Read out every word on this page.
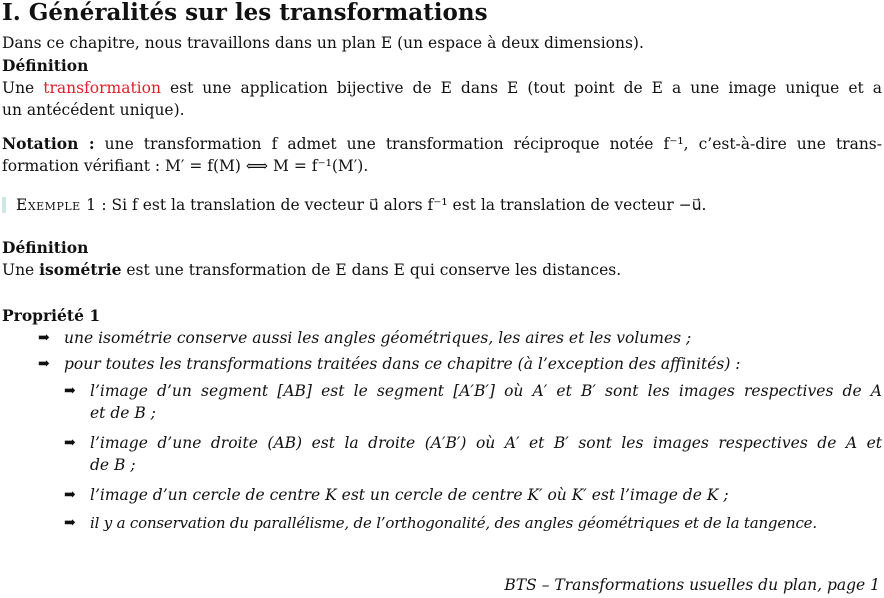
I. Généralités sur les transformations
Dans ce chapitre, nous travaillons dans un plan E (un espace à deux dimensions).
Définition
Une transformation est une application bijective de E dans E (tout point de E a une image unique et a
un antécédent unique).
Notation : une transformation f admet une transformation réciproque notée f⁻¹, c’est-à-dire une trans-
formation vérifiant : M′ = f(M) ⟺ M = f⁻¹(M′).
Exemple 1 : Si f est la translation de vecteur u⃗ alors f⁻¹ est la translation de vecteur −u⃗.
Définition
Une isométrie est une transformation de E dans E qui conserve les distances.
Propriété 1
➡ une isométrie conserve aussi les angles géométriques, les aires et les volumes ;
➡ pour toutes les transformations traitées dans ce chapitre (à l’exception des affinités) :
➡ l’image d’un segment [AB] est le segment [A′B′] où A′ et B′ sont les images respectives de A
et de B ;
➡ l’image d’une droite (AB) est la droite (A′B′) où A′ et B′ sont les images respectives de A et
de B ;
➡ l’image d’un cercle de centre K est un cercle de centre K′ où K′ est l’image de K ;
➡ il y a conservation du parallélisme, de l’orthogonalité, des angles géométriques et de la tangence.
BTS – Transformations usuelles du plan, page 1
